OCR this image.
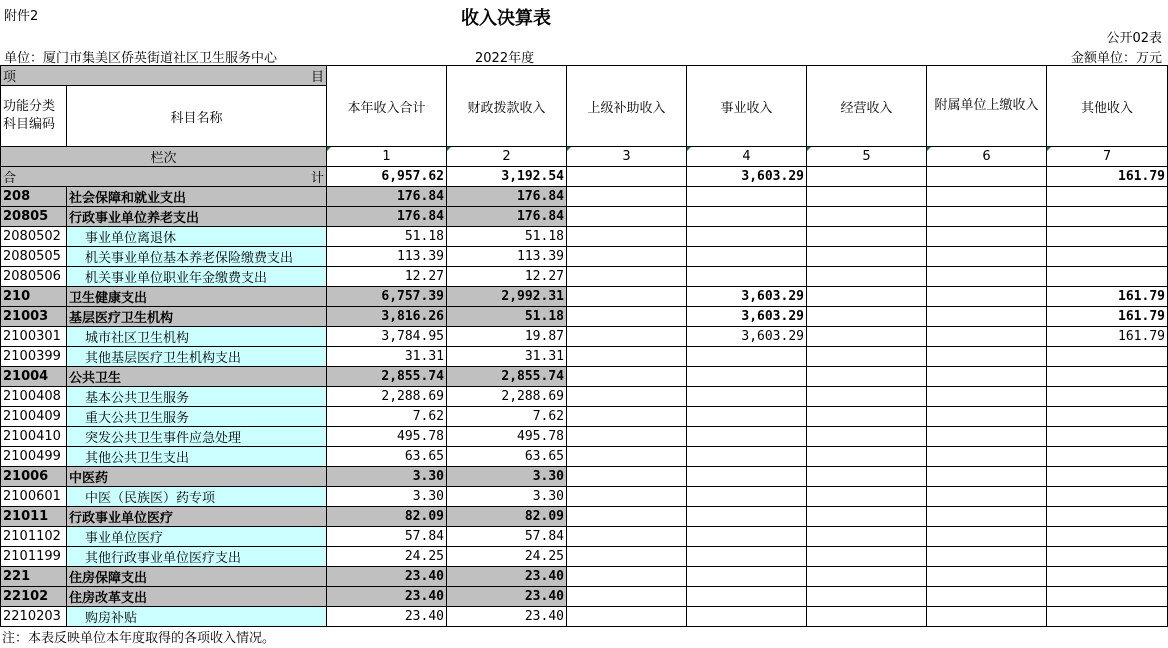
附件2	收入决算表
公开02表
单位：厦门市集美区侨英街道社区卫生服务中心	2022年度	金额单位：万元
项 目		本年收入合计	财政拨款收入	上级补助收入	事业收入	经营收入	附属单位上缴收入	其他收入
功能分类
科目编码	科目名称							

栏次		1	2	3	4	5	6	7

合 计		6,957.62	3,192.54		3,603.29			161.79
208	社会保障和就业支出	176.84	176.84					
20805	行政事业单位养老支出	176.84	176.84					
2080502	事业单位离退休	51.18	51.18					
2080505	机关事业单位基本养老保险缴费支出	113.39	113.39					
2080506	机关事业单位职业年金缴费支出	12.27	12.27					
210	卫生健康支出	6,757.39	2,992.31		3,603.29			161.79
21003	基层医疗卫生机构	3,816.26	51.18		3,603.29			161.79
2100301	城市社区卫生机构	3,784.95	19.87		3,603.29			161.79
2100399	其他基层医疗卫生机构支出	31.31	31.31					
21004	公共卫生	2,855.74	2,855.74					
2100408	基本公共卫生服务	2,288.69	2,288.69					
2100409	重大公共卫生服务	7.62	7.62					
2100410	突发公共卫生事件应急处理	495.78	495.78					
2100499	其他公共卫生支出	63.65	63.65					
21006	中医药	3.30	3.30					
2100601	中医（民族医）药专项	3.30	3.30					
21011	行政事业单位医疗	82.09	82.09					
2101102	事业单位医疗	57.84	57.84					
2101199	其他行政事业单位医疗支出	24.25	24.25					
221	住房保障支出	23.40	23.40					
22102	住房改革支出	23.40	23.40					
2210203	购房补贴	23.40	23.40					
注：本表反映单位本年度取得的各项收入情况。
